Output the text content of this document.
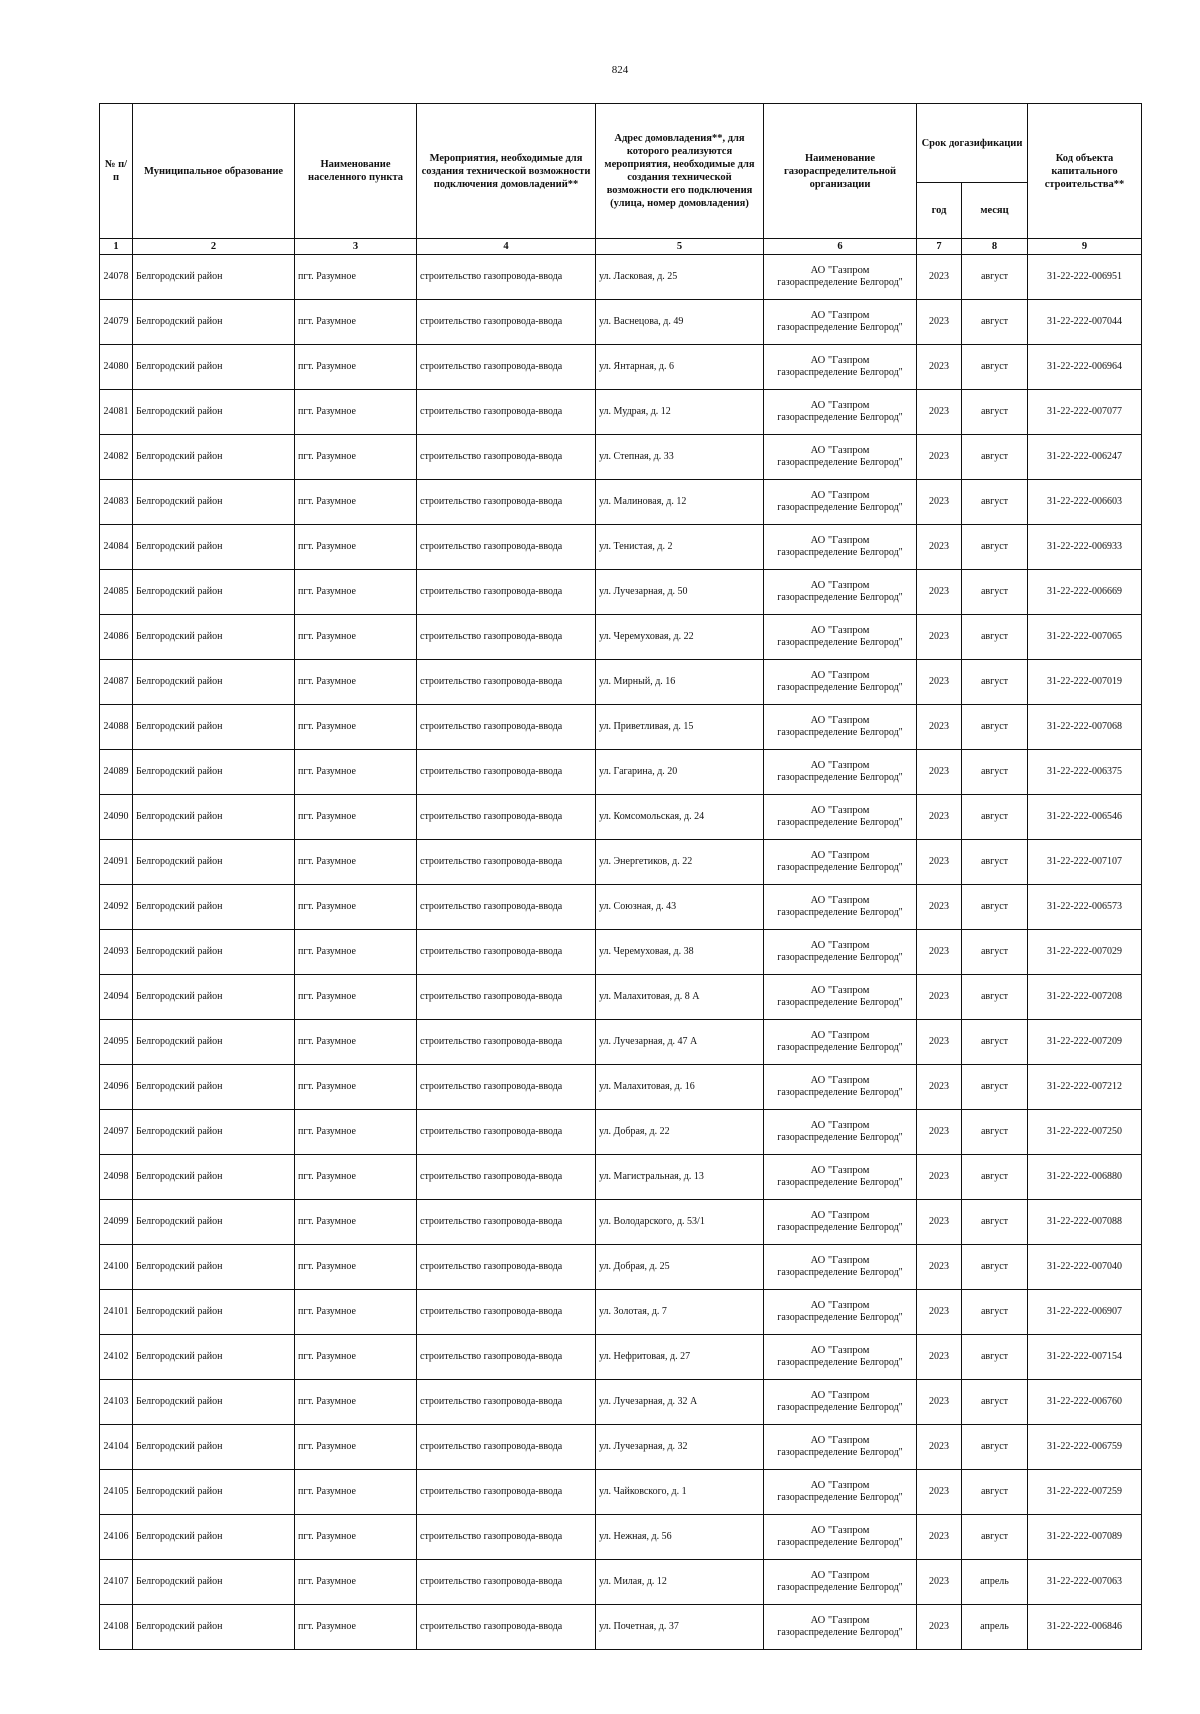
824
№ п/п	Муниципальное образование	Наименование населенного пункта	Мероприятия, необходимые для создания технической возможности подключения домовладений**	Адрес домовладения**, для которого реализуются мероприятия, необходимые для создания технической возможности его подключения (улица, номер домовладения)	Наименование газораспределительной организации	Срок догазификации		Код объекта капитального строительства**
						год	месяц	
1	2	3	4	5	6	7	8	9
24078	Белгородский район	пгт. Разумное	строительство газопровода-ввода	ул. Ласковая, д. 25	АО "Газпром
газораспределение Белгород"	2023	август	31-22-222-006951
24079	Белгородский район	пгт. Разумное	строительство газопровода-ввода	ул. Васнецова, д. 49	АО "Газпром
газораспределение Белгород"	2023	август	31-22-222-007044
24080	Белгородский район	пгт. Разумное	строительство газопровода-ввода	ул. Янтарная, д. 6	АО "Газпром
газораспределение Белгород"	2023	август	31-22-222-006964
24081	Белгородский район	пгт. Разумное	строительство газопровода-ввода	ул. Мудрая, д. 12	АО "Газпром
газораспределение Белгород"	2023	август	31-22-222-007077
24082	Белгородский район	пгт. Разумное	строительство газопровода-ввода	ул. Степная, д. 33	АО "Газпром
газораспределение Белгород"	2023	август	31-22-222-006247
24083	Белгородский район	пгт. Разумное	строительство газопровода-ввода	ул. Малиновая, д. 12	АО "Газпром
газораспределение Белгород"	2023	август	31-22-222-006603
24084	Белгородский район	пгт. Разумное	строительство газопровода-ввода	ул. Тенистая, д. 2	АО "Газпром
газораспределение Белгород"	2023	август	31-22-222-006933
24085	Белгородский район	пгт. Разумное	строительство газопровода-ввода	ул. Лучезарная, д. 50	АО "Газпром
газораспределение Белгород"	2023	август	31-22-222-006669
24086	Белгородский район	пгт. Разумное	строительство газопровода-ввода	ул. Черемуховая, д. 22	АО "Газпром
газораспределение Белгород"	2023	август	31-22-222-007065
24087	Белгородский район	пгт. Разумное	строительство газопровода-ввода	ул. Мирный, д. 16	АО "Газпром
газораспределение Белгород"	2023	август	31-22-222-007019
24088	Белгородский район	пгт. Разумное	строительство газопровода-ввода	ул. Приветливая, д. 15	АО "Газпром
газораспределение Белгород"	2023	август	31-22-222-007068
24089	Белгородский район	пгт. Разумное	строительство газопровода-ввода	ул. Гагарина, д. 20	АО "Газпром
газораспределение Белгород"	2023	август	31-22-222-006375
24090	Белгородский район	пгт. Разумное	строительство газопровода-ввода	ул. Комсомольская, д. 24	АО "Газпром
газораспределение Белгород"	2023	август	31-22-222-006546
24091	Белгородский район	пгт. Разумное	строительство газопровода-ввода	ул. Энергетиков, д. 22	АО "Газпром
газораспределение Белгород"	2023	август	31-22-222-007107
24092	Белгородский район	пгт. Разумное	строительство газопровода-ввода	ул. Союзная, д. 43	АО "Газпром
газораспределение Белгород"	2023	август	31-22-222-006573
24093	Белгородский район	пгт. Разумное	строительство газопровода-ввода	ул. Черемуховая, д. 38	АО "Газпром
газораспределение Белгород"	2023	август	31-22-222-007029
24094	Белгородский район	пгт. Разумное	строительство газопровода-ввода	ул. Малахитовая, д. 8 А	АО "Газпром
газораспределение Белгород"	2023	август	31-22-222-007208
24095	Белгородский район	пгт. Разумное	строительство газопровода-ввода	ул. Лучезарная, д. 47 А	АО "Газпром
газораспределение Белгород"	2023	август	31-22-222-007209
24096	Белгородский район	пгт. Разумное	строительство газопровода-ввода	ул. Малахитовая, д. 16	АО "Газпром
газораспределение Белгород"	2023	август	31-22-222-007212
24097	Белгородский район	пгт. Разумное	строительство газопровода-ввода	ул. Добрая, д. 22	АО "Газпром
газораспределение Белгород"	2023	август	31-22-222-007250
24098	Белгородский район	пгт. Разумное	строительство газопровода-ввода	ул. Магистральная, д. 13	АО "Газпром
газораспределение Белгород"	2023	август	31-22-222-006880
24099	Белгородский район	пгт. Разумное	строительство газопровода-ввода	ул. Володарского, д. 53/1	АО "Газпром
газораспределение Белгород"	2023	август	31-22-222-007088
24100	Белгородский район	пгт. Разумное	строительство газопровода-ввода	ул. Добрая, д. 25	АО "Газпром
газораспределение Белгород"	2023	август	31-22-222-007040
24101	Белгородский район	пгт. Разумное	строительство газопровода-ввода	ул. Золотая, д. 7	АО "Газпром
газораспределение Белгород"	2023	август	31-22-222-006907
24102	Белгородский район	пгт. Разумное	строительство газопровода-ввода	ул. Нефритовая, д. 27	АО "Газпром
газораспределение Белгород"	2023	август	31-22-222-007154
24103	Белгородский район	пгт. Разумное	строительство газопровода-ввода	ул. Лучезарная, д. 32 А	АО "Газпром
газораспределение Белгород"	2023	август	31-22-222-006760
24104	Белгородский район	пгт. Разумное	строительство газопровода-ввода	ул. Лучезарная, д. 32	АО "Газпром
газораспределение Белгород"	2023	август	31-22-222-006759
24105	Белгородский район	пгт. Разумное	строительство газопровода-ввода	ул. Чайковского, д. 1	АО "Газпром
газораспределение Белгород"	2023	август	31-22-222-007259
24106	Белгородский район	пгт. Разумное	строительство газопровода-ввода	ул. Нежная, д. 56	АО "Газпром
газораспределение Белгород"	2023	август	31-22-222-007089
24107	Белгородский район	пгт. Разумное	строительство газопровода-ввода	ул. Милая, д. 12	АО "Газпром
газораспределение Белгород"	2023	апрель	31-22-222-007063
24108	Белгородский район	пгт. Разумное	строительство газопровода-ввода	ул. Почетная, д. 37	АО "Газпром
газораспределение Белгород"	2023	апрель	31-22-222-006846
